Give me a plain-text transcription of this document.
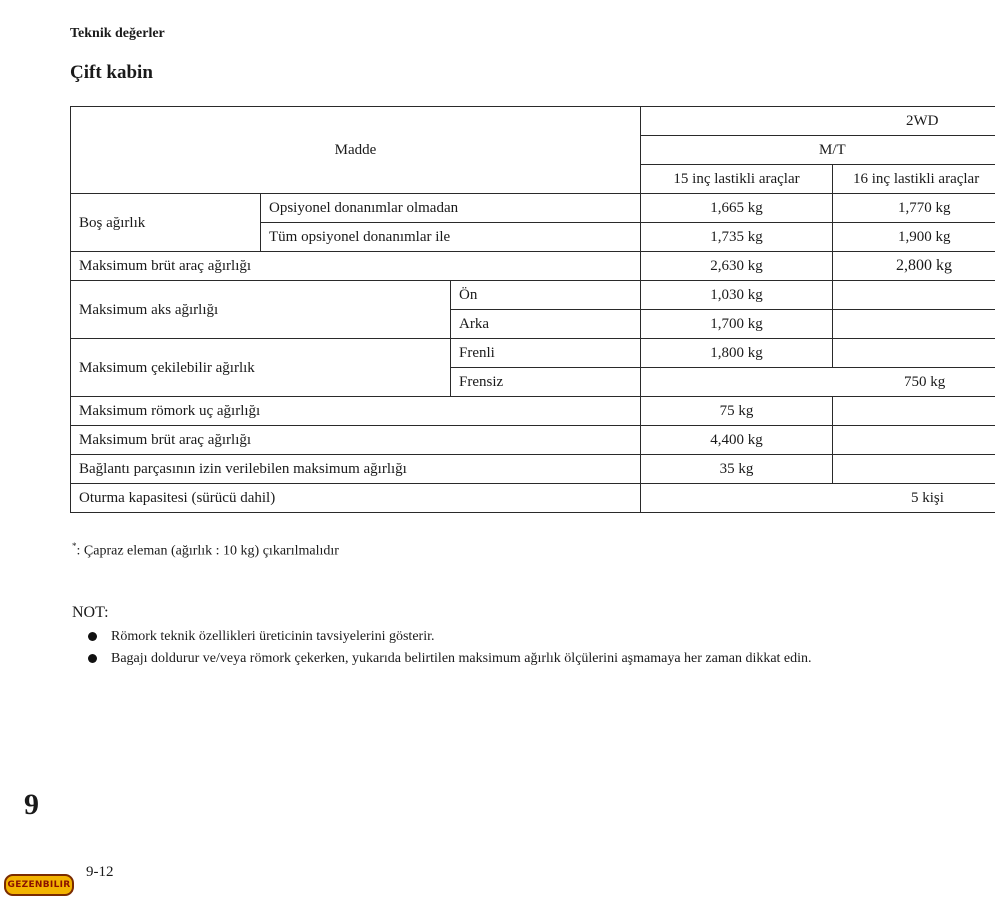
Teknik değerler
Çift kabin
Madde			2WD	
			M/T	
			15 inç lastikli araçlar	16 inç lastikli araçlar
Boş ağırlık	Opsiyonel donanımlar olmadan		1,665 kg	1,770 kg
	Tüm opsiyonel donanımlar ile		1,735 kg	1,900 kg
Maksimum brüt araç ağırlığı			2,630 kg	2,800 kg
Maksimum aks ağırlığı		Ön	1,030 kg	
		Arka	1,700 kg	
Maksimum çekilebilir ağırlık		Frenli	1,800 kg	
		Frensiz	750 kg	
Maksimum römork uç ağırlığı			75 kg	
Maksimum brüt araç ağırlığı			4,400 kg	
Bağlantı parçasının izin verilebilen maksimum ağırlığı			35 kg	
Oturma kapasitesi (sürücü dahil)			5 kişi	
*: Çapraz eleman (ağırlık : 10 kg) çıkarılmalıdır
NOT:
Römork teknik özellikleri üreticinin tavsiyelerini gösterir.
Bagajı doldurur ve/veya römork çekerken, yukarıda belirtilen maksimum ağırlık ölçülerini aşmamaya her zaman dikkat edin.
9
GEZENBILIR
9-12
